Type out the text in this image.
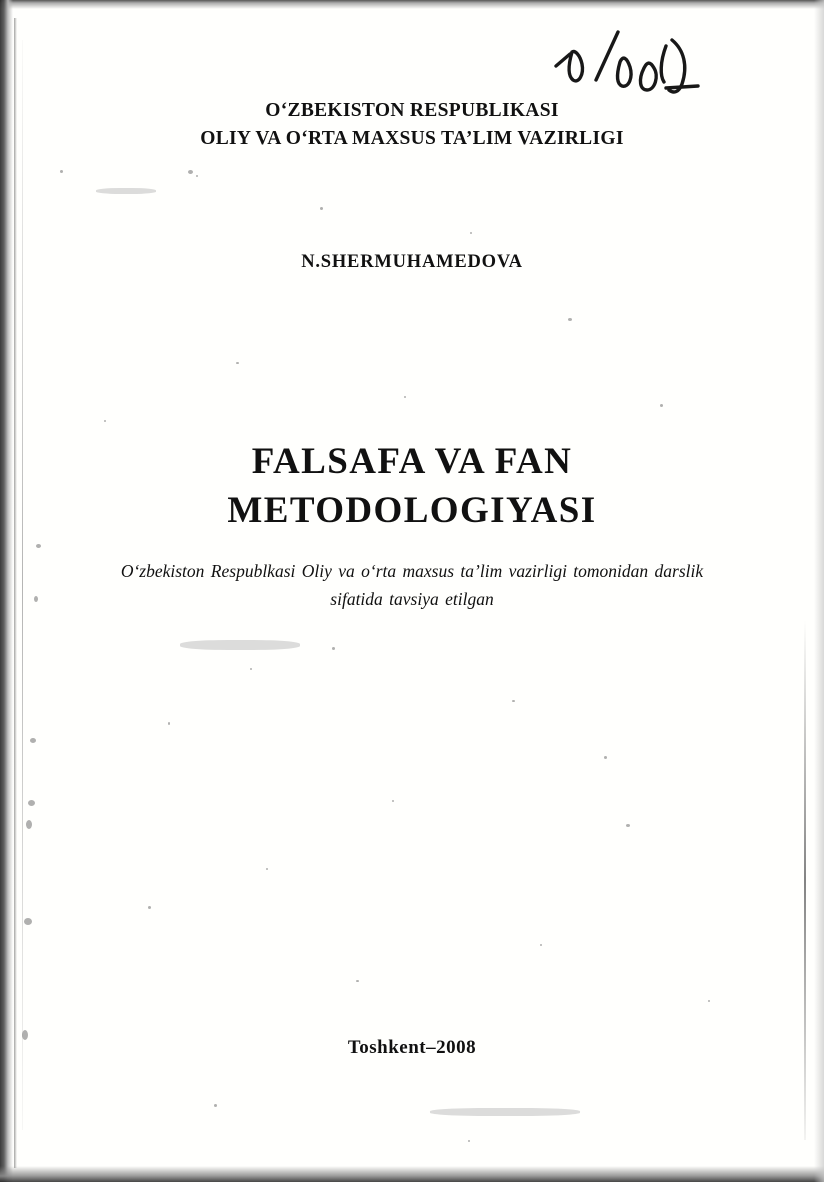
O‘ZBEKISTON RESPUBLIKASI
OLIY VA O‘RTA MAXSUS TA’LIM VAZIRLIGI
N.SHERMUHAMEDOVA
FALSAFA VA FAN
METODOLOGIYASI
O‘zbekiston Respublkasi Oliy va o‘rta maxsus ta’lim vazirligi tomonidan darslik sifatida tavsiya etilgan
Toshkent–2008
